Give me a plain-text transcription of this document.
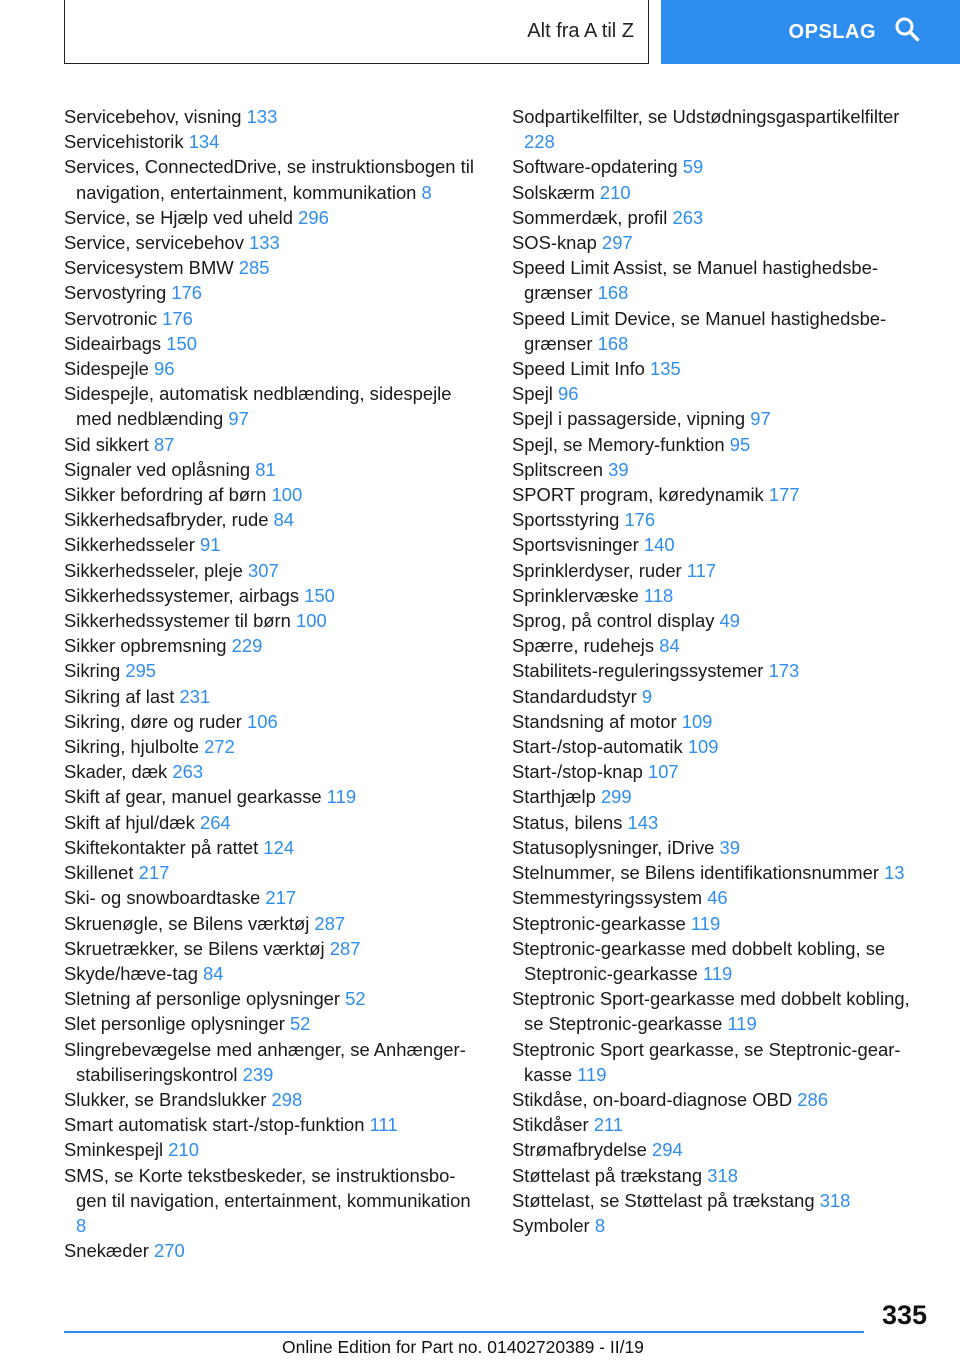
Alt fra A til Z	OPSLAG
Servicebehov, visning 133
Servicehistorik 134
Services, ConnectedDrive, se instruktionsbogen til navigation, entertainment, kommunikation 8
Service, se Hjælp ved uheld 296
Service, servicebehov 133
Servicesystem BMW 285
Servostyring 176
Servotronic 176
Sideairbags 150
Sidespejle 96
Sidespejle, automatisk nedblænding, sidespejle med nedblænding 97
Sid sikkert 87
Signaler ved oplåsning 81
Sikker befordring af børn 100
Sikkerhedsafbryder, rude 84
Sikkerhedsseler 91
Sikkerhedsseler, pleje 307
Sikkerhedssystemer, airbags 150
Sikkerhedssystemer til børn 100
Sikker opbremsning 229
Sikring 295
Sikring af last 231
Sikring, døre og ruder 106
Sikring, hjulbolte 272
Skader, dæk 263
Skift af gear, manuel gearkasse 119
Skift af hjul/dæk 264
Skiftekontakter på rattet 124
Skillenet 217
Ski- og snowboardtaske 217
Skruenøgle, se Bilens værktøj 287
Skruetrækker, se Bilens værktøj 287
Skyde/hæve-tag 84
Sletning af personlige oplysninger 52
Slet personlige oplysninger 52
Slingrebevægelse med anhænger, se Anhænger-stabiliseringskontrol 239
Slukker, se Brandslukker 298
Smart automatisk start-/stop-funktion 111
Sminkespejl 210
SMS, se Korte tekstbeskeder, se instruktionsbogen til navigation, entertainment, kommunikation 8
Snekæder 270
Sodpartikelfilter, se Udstødningsgaspartikelfilter 228
Software-opdatering 59
Solskærm 210
Sommerdæk, profil 263
SOS-knap 297
Speed Limit Assist, se Manuel hastighedsbegrænser 168
Speed Limit Device, se Manuel hastighedsbegrænser 168
Speed Limit Info 135
Spejl 96
Spejl i passagerside, vipning 97
Spejl, se Memory-funktion 95
Splitscreen 39
SPORT program, køredynamik 177
Sportsstyring 176
Sportsvisninger 140
Sprinklerdyser, ruder 117
Sprinklervæske 118
Sprog, på control display 49
Spærre, rudehejs 84
Stabilitets-reguleringssystemer 173
Standardudstyr 9
Standsning af motor 109
Start-/stop-automatik 109
Start-/stop-knap 107
Starthjælp 299
Status, bilens 143
Statusoplysninger, iDrive 39
Stelnummer, se Bilens identifikationsnummer 13
Stemmestyringssystem 46
Steptronic-gearkasse 119
Steptronic-gearkasse med dobbelt kobling, se Steptronic-gearkasse 119
Steptronic Sport-gearkasse med dobbelt kobling, se Steptronic-gearkasse 119
Steptronic Sport gearkasse, se Steptronic-gearkasse 119
Stikdåse, on-board-diagnose OBD 286
Stikdåser 211
Strømafbrydelse 294
Støttelast på trækstang 318
Støttelast, se Støttelast på trækstang 318
Symboler 8
335
Online Edition for Part no. 01402720389 - II/19
